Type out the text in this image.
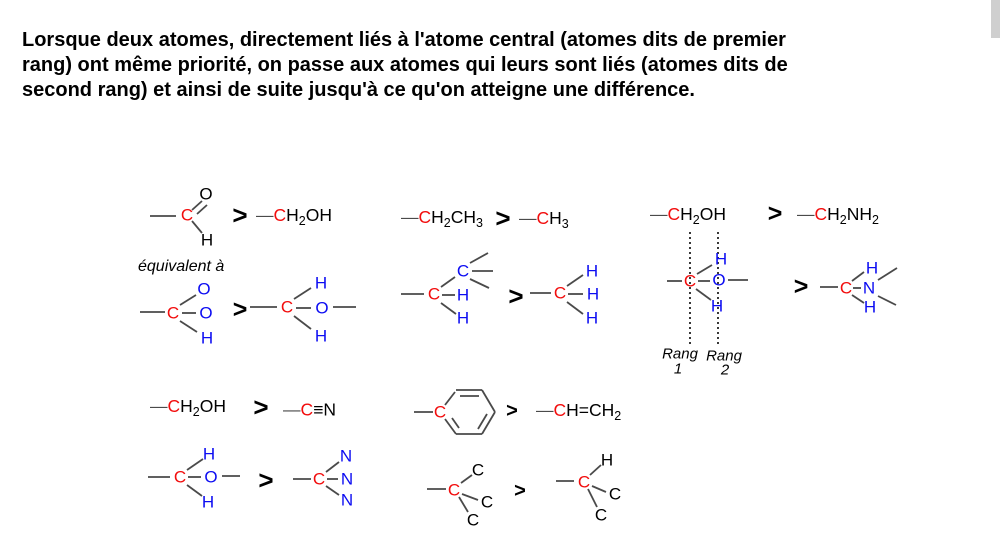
Lorsque deux atomes, directement liés à l'atome central (atomes dits de premier
rang) ont même priorité, on passe aux atomes qui leurs sont liés (atomes dits de
second rang) et ainsi de suite jusqu'à ce qu'on atteigne une différence.
C
O
H
C
O
O
H
C
H
O
H
C
C
H
H
C
H
H
H
C O
H
H
C N
H
H
C
C
H
O
H
C
N
N
N
C
C
C
C
C
H
C
C
$—CH_2OH$	$—CH_2CH_3$ $—CH_3$	$—CH_2OH$	$—CH_2NH_2$
$—CH_2OH$	—C≡N	$—CH=CH_2$
>	>	>
>	>	>
>	>
>	>
équivalent à
Rang
1
Rang
2
